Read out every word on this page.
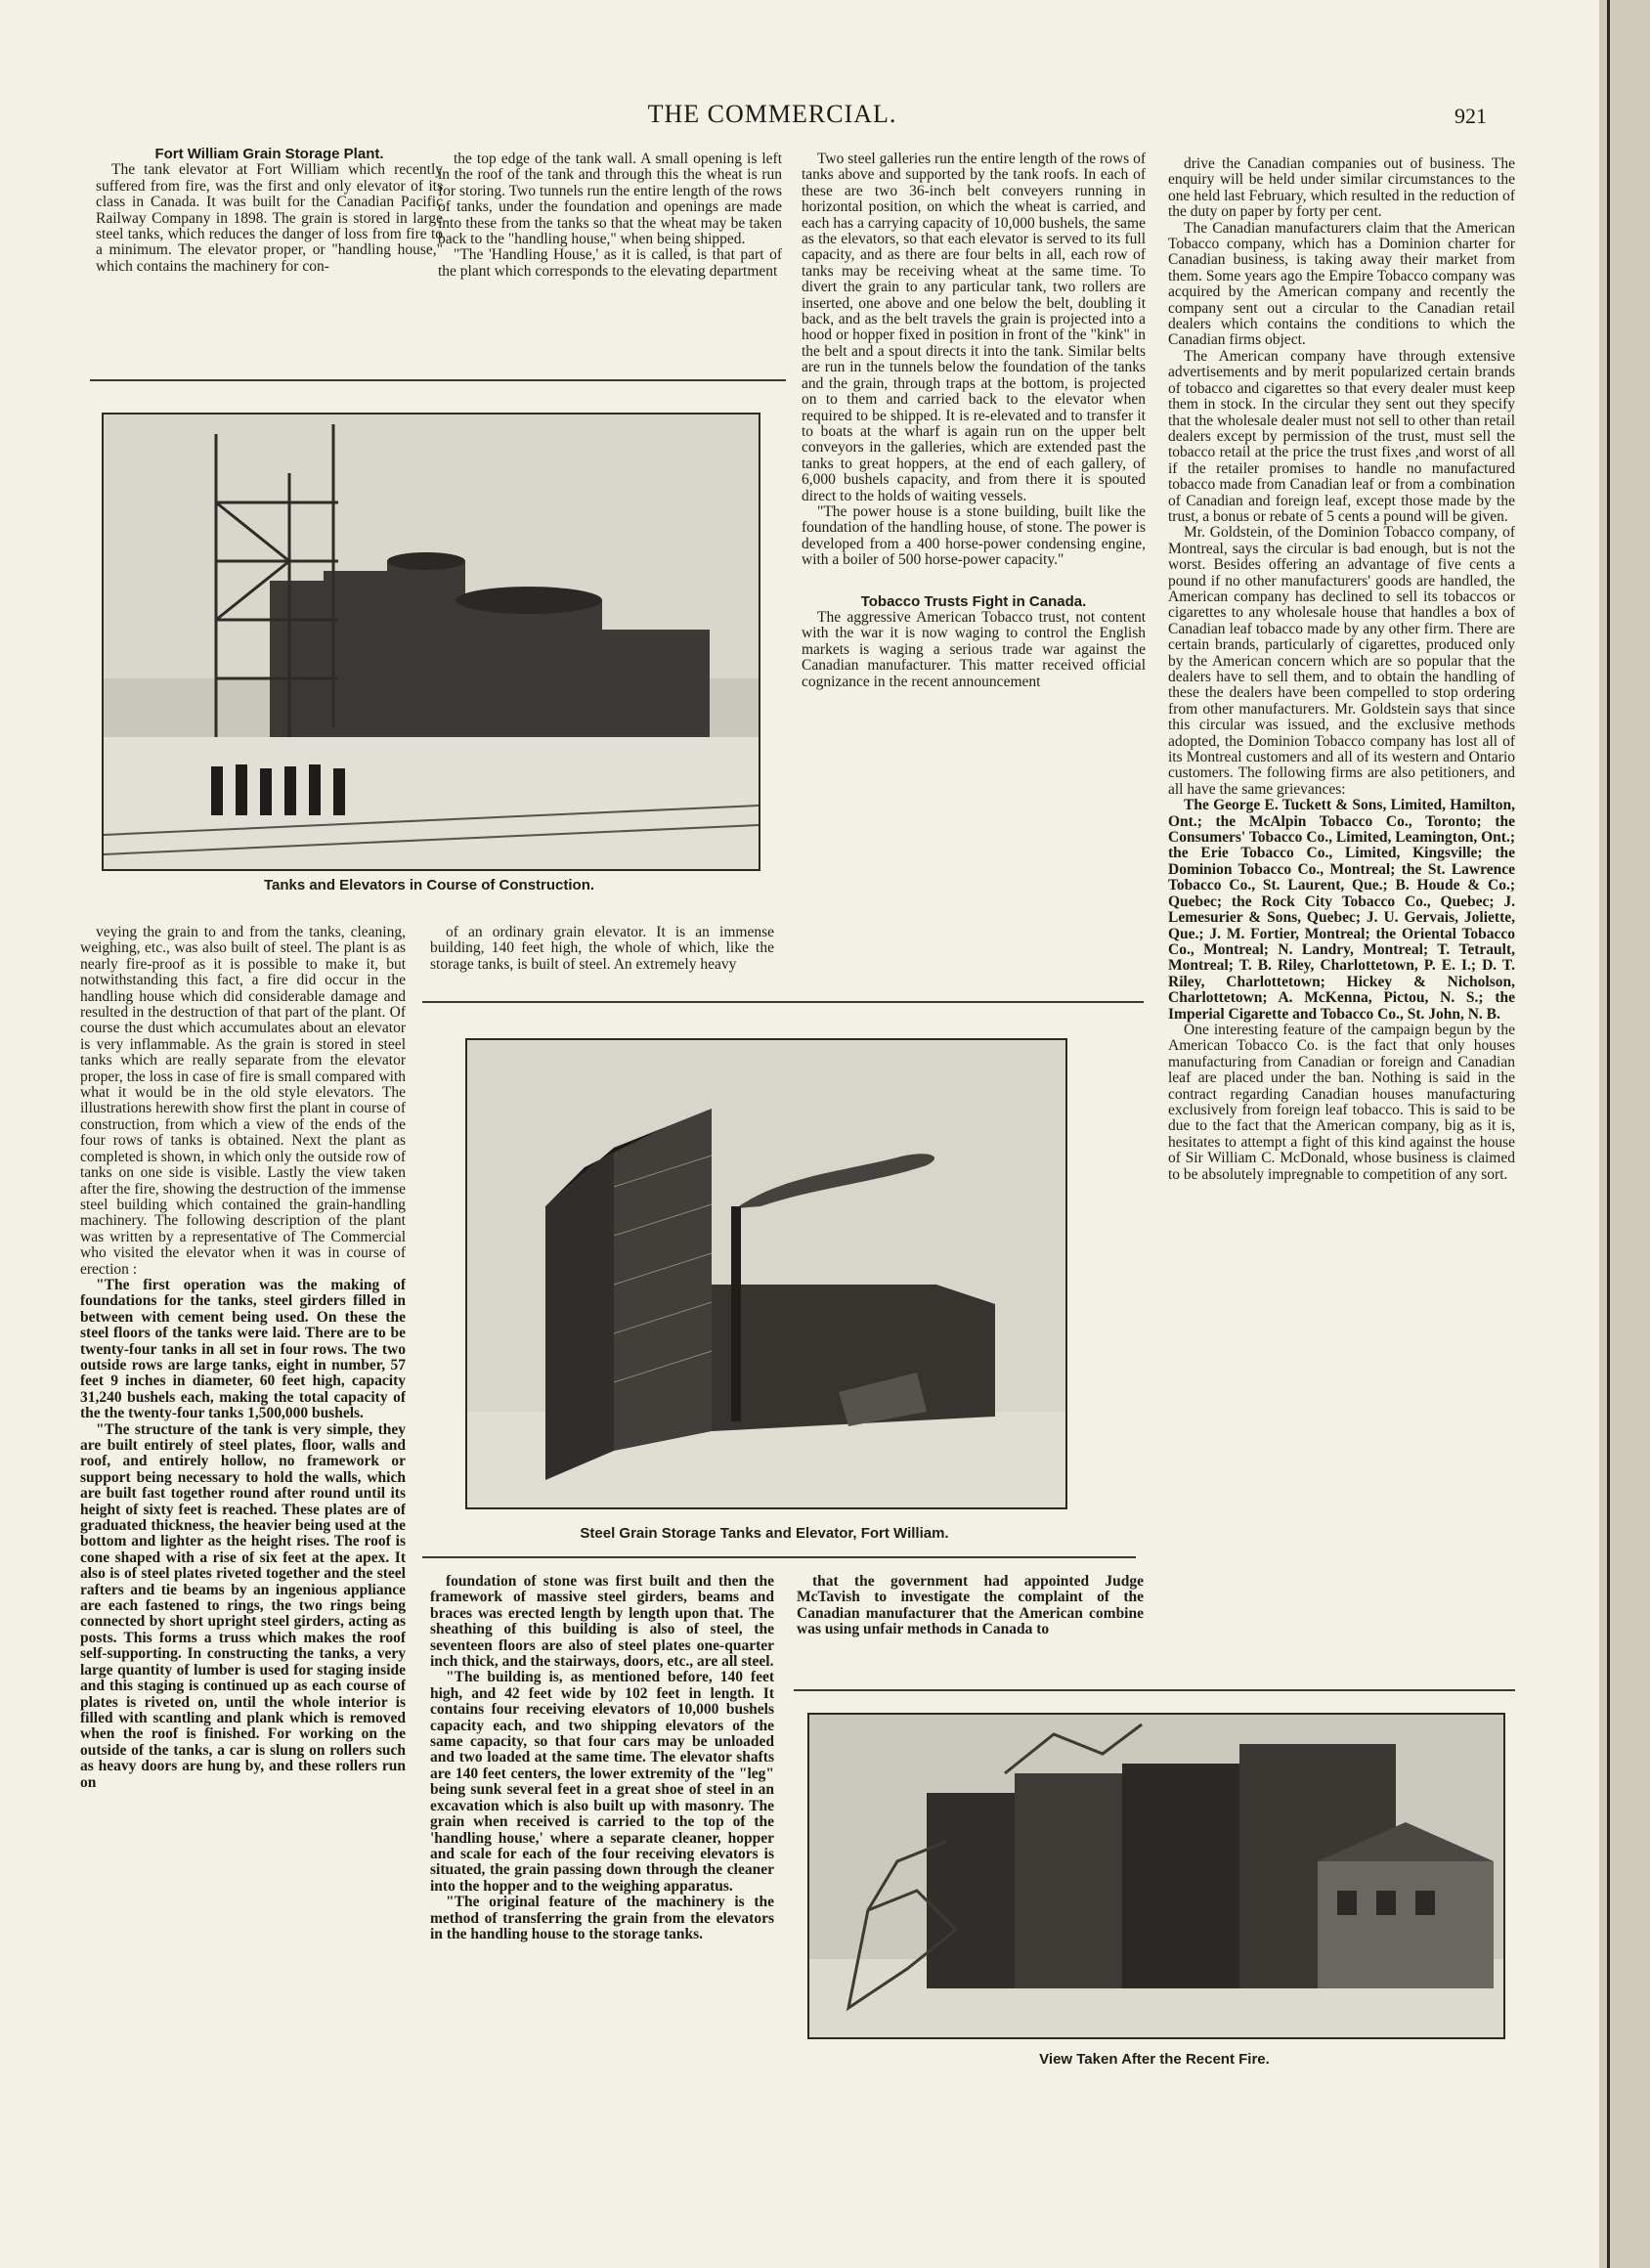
THE COMMERCIAL.	921

Fort William Grain Storage Plant.

The tank elevator at Fort William which recently suffered from fire, was the first and only elevator of its class in Canada. It was built for the Canadian Pacific Railway Company in 1898. The grain is stored in large steel tanks, which reduces the danger of loss from fire to a minimum. The elevator proper, or "handling house," which contains the machinery for con-

the top edge of the tank wall. A small opening is left in the roof of the tank and through this the wheat is run for storing. Two tunnels run the entire length of the rows of tanks, under the foundation and openings are made into these from the tanks so that the wheat may be taken back to the "handling house," when being shipped.

"The 'Handling House,' as it is called, is that part of the plant which corresponds to the elevating department

Tanks and Elevators in Course of Construction.

Two steel galleries run the entire length of the rows of tanks above and supported by the tank roofs. In each of these are two 36-inch belt conveyers running in horizontal position, on which the wheat is carried, and each has a carrying capacity of 10,000 bushels, the same as the elevators, so that each elevator is served to its full capacity, and as there are four belts in all, each row of tanks may be receiving wheat at the same time. To divert the grain to any particular tank, two rollers are inserted, one above and one below the belt, doubling it back, and as the belt travels the grain is projected into a hood or hopper fixed in position in front of the "kink" in the belt and a spout directs it into the tank. Similar belts are run in the tunnels below the foundation of the tanks and the grain, through traps at the bottom, is projected on to them and carried back to the elevator when required to be shipped. It is re-elevated and to transfer it to boats at the wharf is again run on the upper belt conveyors in the galleries, which are extended past the tanks to great hoppers, at the end of each gallery, of 6,000 bushels capacity, and from there it is spouted direct to the holds of waiting vessels.

"The power house is a stone building, built like the foundation of the handling house, of stone. The power is developed from a 400 horse-power condensing engine, with a boiler of 500 horse-power capacity."

Tobacco Trusts Fight in Canada.

The aggressive American Tobacco trust, not content with the war it is now waging to control the English markets is waging a serious trade war against the Canadian manufacturer. This matter received official cognizance in the recent announcement

drive the Canadian companies out of business. The enquiry will be held under similar circumstances to the one held last February, which resulted in the reduction of the duty on paper by forty per cent.

The Canadian manufacturers claim that the American Tobacco company, which has a Dominion charter for Canadian business, is taking away their market from them. Some years ago the Empire Tobacco company was acquired by the American company and recently the company sent out a circular to the Canadian retail dealers which contains the conditions to which the Canadian firms object.

The American company have through extensive advertisements and by merit popularized certain brands of tobacco and cigarettes so that every dealer must keep them in stock. In the circular they sent out they specify that the wholesale dealer must not sell to other than retail dealers except by permission of the trust, must sell the tobacco retail at the price the trust fixes ,and worst of all if the retailer promises to handle no manufactured tobacco made from Canadian leaf or from a combination of Canadian and foreign leaf, except those made by the trust, a bonus or rebate of 5 cents a pound will be given.

Mr. Goldstein, of the Dominion Tobacco company, of Montreal, says the circular is bad enough, but is not the worst. Besides offering an advantage of five cents a pound if no other manufacturers' goods are handled, the American company has declined to sell its tobaccos or cigarettes to any wholesale house that handles a box of Canadian leaf tobacco made by any other firm. There are certain brands, particularly of cigarettes, produced only by the American concern which are so popular that the dealers have to sell them, and to obtain the handling of these the dealers have been compelled to stop ordering from other manufacturers. Mr. Goldstein says that since this circular was issued, and the exclusive methods adopted, the Dominion Tobacco company has lost all of its Montreal customers and all of its western and Ontario customers. The following firms are also petitioners, and all have the same grievances:

The George E. Tuckett & Sons, Limited, Hamilton, Ont.; the McAlpin Tobacco Co., Toronto; the Consumers' Tobacco Co., Limited, Leamington, Ont.; the Erie Tobacco Co., Limited, Kingsville; the Dominion Tobacco Co., Montreal; the St. Lawrence Tobacco Co., St. Laurent, Que.; B. Houde & Co.; Quebec; the Rock City Tobacco Co., Quebec; J. Lemesurier & Sons, Quebec; J. U. Gervais, Joliette, Que.; J. M. Fortier, Montreal; the Oriental Tobacco Co., Montreal; N. Landry, Montreal; T. Tetrault, Montreal; T. B. Riley, Charlottetown, P. E. I.; D. T. Riley, Charlottetown; Hickey & Nicholson, Charlottetown; A. McKenna, Pictou, N. S.; the Imperial Cigarette and Tobacco Co., St. John, N. B.

One interesting feature of the campaign begun by the American Tobacco Co. is the fact that only houses manufacturing from Canadian or foreign and Canadian leaf are placed under the ban. Nothing is said in the contract regarding Canadian houses manufacturing exclusively from foreign leaf tobacco. This is said to be due to the fact that the American company, big as it is, hesitates to attempt a fight of this kind against the house of Sir William C. McDonald, whose business is claimed to be absolutely impregnable to competition of any sort.

veying the grain to and from the tanks, cleaning, weighing, etc., was also built of steel. The plant is as nearly fire-proof as it is possible to make it, but notwithstanding this fact, a fire did occur in the handling house which did considerable damage and resulted in the destruction of that part of the plant. Of course the dust which accumulates about an elevator is very inflammable. As the grain is stored in steel tanks which are really separate from the elevator proper, the loss in case of fire is small compared with what it would be in the old style elevators. The illustrations herewith show first the plant in course of construction, from which a view of the ends of the four rows of tanks is obtained. Next the plant as completed is shown, in which only the outside row of tanks on one side is visible. Lastly the view taken after the fire, showing the destruction of the immense steel building which contained the grain-handling machinery. The following description of the plant was written by a representative of The Commercial who visited the elevator when it was in course of erection :

"The first operation was the making of foundations for the tanks, steel girders filled in between with cement being used. On these the steel floors of the tanks were laid. There are to be twenty-four tanks in all set in four rows. The two outside rows are large tanks, eight in number, 57 feet 9 inches in diameter, 60 feet high, capacity 31,240 bushels each, making the total capacity of the the twenty-four tanks 1,500,000 bushels.

"The structure of the tank is very simple, they are built entirely of steel plates, floor, walls and roof, and entirely hollow, no framework or support being necessary to hold the walls, which are built fast together round after round until its height of sixty feet is reached. These plates are of graduated thickness, the heavier being used at the bottom and lighter as the height rises. The roof is cone shaped with a rise of six feet at the apex. It also is of steel plates riveted together and the steel rafters and tie beams by an ingenious appliance are each fastened to rings, the two rings being connected by short upright steel girders, acting as posts. This forms a truss which makes the roof self-supporting. In constructing the tanks, a very large quantity of lumber is used for staging inside and this staging is continued up as each course of plates is riveted on, until the whole interior is filled with scantling and plank which is removed when the roof is finished. For working on the outside of the tanks, a car is slung on rollers such as heavy doors are hung by, and these rollers run on

of an ordinary grain elevator. It is an immense building, 140 feet high, the whole of which, like the storage tanks, is built of steel. An extremely heavy

Steel Grain Storage Tanks and Elevator, Fort William.

foundation of stone was first built and then the framework of massive steel girders, beams and braces was erected length by length upon that. The sheathing of this building is also of steel, the seventeen floors are also of steel plates one-quarter inch thick, and the stairways, doors, etc., are all steel.

"The building is, as mentioned before, 140 feet high, and 42 feet wide by 102 feet in length. It contains four receiving elevators of 10,000 bushels capacity each, and two shipping elevators of the same capacity, so that four cars may be unloaded and two loaded at the same time. The elevator shafts are 140 feet centers, the lower extremity of the "leg" being sunk several feet in a great shoe of steel in an excavation which is also built up with masonry. The grain when received is carried to the top of the 'handling house,' where a separate cleaner, hopper and scale for each of the four receiving elevators is situated, the grain passing down through the cleaner into the hopper and to the weighing apparatus.

"The original feature of the machinery is the method of transferring the grain from the elevators in the handling house to the storage tanks.

that the government had appointed Judge McTavish to investigate the complaint of the Canadian manufacturer that the American combine was using unfair methods in Canada to

View Taken After the Recent Fire.
